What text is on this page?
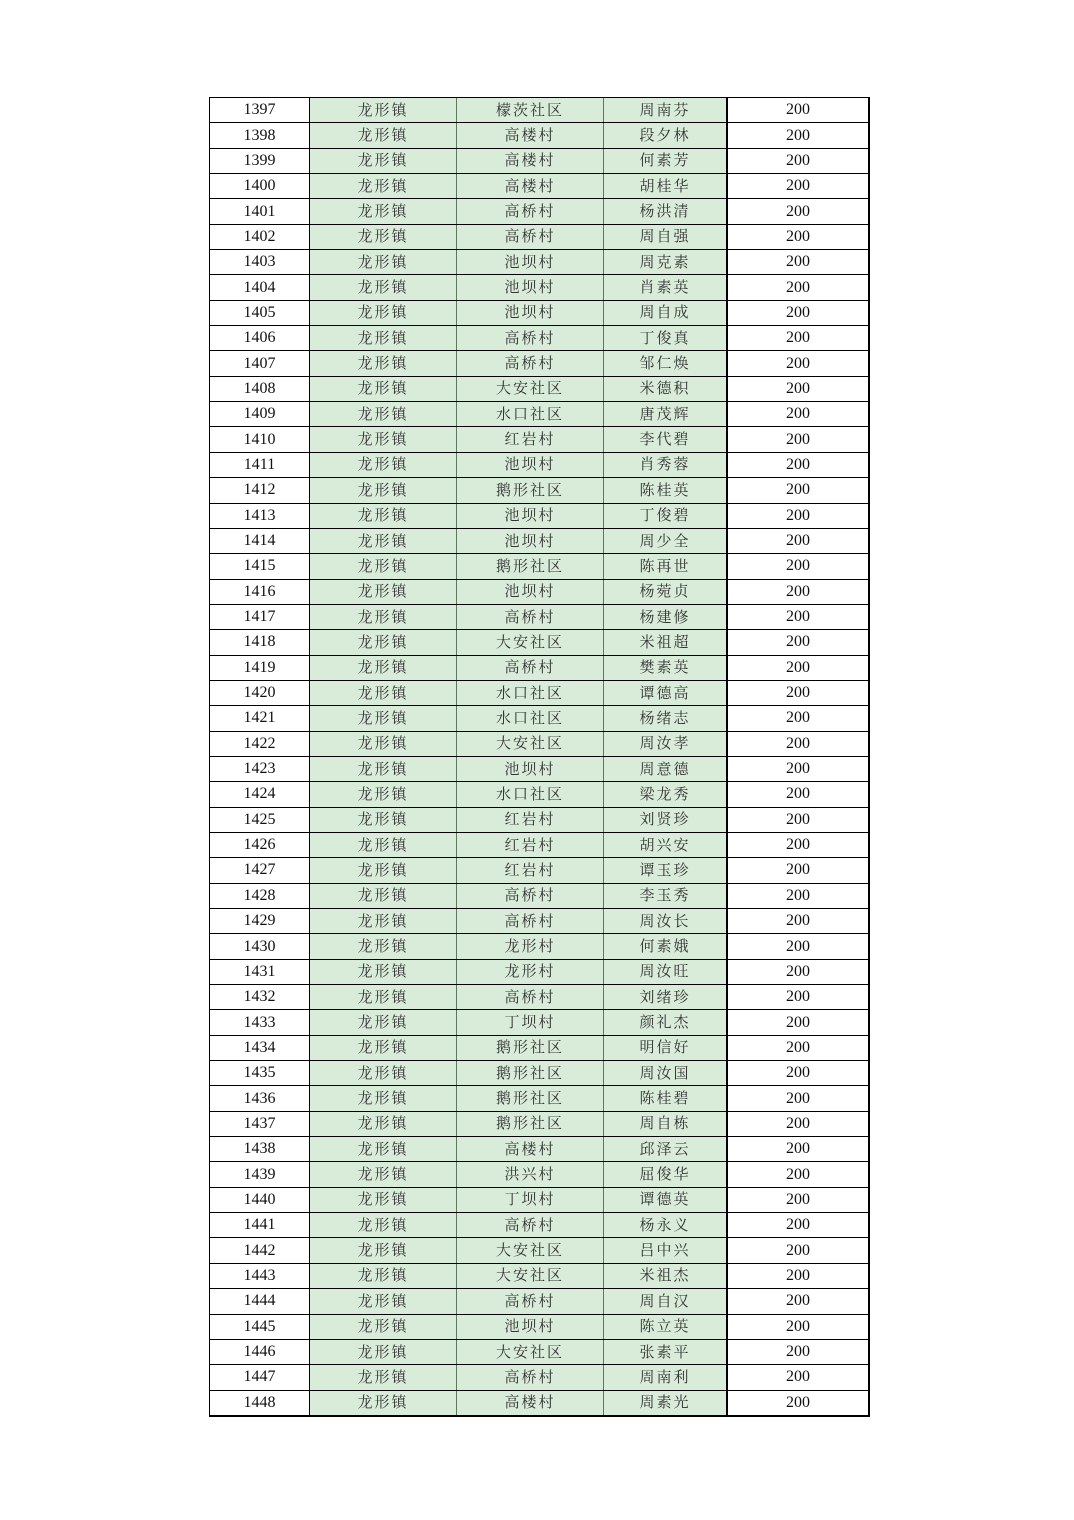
1397	龙形镇	檬茨社区	周南芬	200
1398	龙形镇	高楼村	段夕林	200
1399	龙形镇	高楼村	何素芳	200
1400	龙形镇	高楼村	胡桂华	200
1401	龙形镇	高桥村	杨洪清	200
1402	龙形镇	高桥村	周自强	200
1403	龙形镇	池坝村	周克素	200
1404	龙形镇	池坝村	肖素英	200
1405	龙形镇	池坝村	周自成	200
1406	龙形镇	高桥村	丁俊真	200
1407	龙形镇	高桥村	邹仁焕	200
1408	龙形镇	大安社区	米德积	200
1409	龙形镇	水口社区	唐茂辉	200
1410	龙形镇	红岩村	李代碧	200
1411	龙形镇	池坝村	肖秀蓉	200
1412	龙形镇	鹅形社区	陈桂英	200
1413	龙形镇	池坝村	丁俊碧	200
1414	龙形镇	池坝村	周少全	200
1415	龙形镇	鹅形社区	陈再世	200
1416	龙形镇	池坝村	杨菀贞	200
1417	龙形镇	高桥村	杨建修	200
1418	龙形镇	大安社区	米祖超	200
1419	龙形镇	高桥村	樊素英	200
1420	龙形镇	水口社区	谭德高	200
1421	龙形镇	水口社区	杨绪志	200
1422	龙形镇	大安社区	周汝孝	200
1423	龙形镇	池坝村	周意德	200
1424	龙形镇	水口社区	梁龙秀	200
1425	龙形镇	红岩村	刘贤珍	200
1426	龙形镇	红岩村	胡兴安	200
1427	龙形镇	红岩村	谭玉珍	200
1428	龙形镇	高桥村	李玉秀	200
1429	龙形镇	高桥村	周汝长	200
1430	龙形镇	龙形村	何素娥	200
1431	龙形镇	龙形村	周汝旺	200
1432	龙形镇	高桥村	刘绪珍	200
1433	龙形镇	丁坝村	颜礼杰	200
1434	龙形镇	鹅形社区	明信好	200
1435	龙形镇	鹅形社区	周汝国	200
1436	龙形镇	鹅形社区	陈桂碧	200
1437	龙形镇	鹅形社区	周自栋	200
1438	龙形镇	高楼村	邱泽云	200
1439	龙形镇	洪兴村	屈俊华	200
1440	龙形镇	丁坝村	谭德英	200
1441	龙形镇	高桥村	杨永义	200
1442	龙形镇	大安社区	吕中兴	200
1443	龙形镇	大安社区	米祖杰	200
1444	龙形镇	高桥村	周自汉	200
1445	龙形镇	池坝村	陈立英	200
1446	龙形镇	大安社区	张素平	200
1447	龙形镇	高桥村	周南利	200
1448	龙形镇	高楼村	周素光	200
